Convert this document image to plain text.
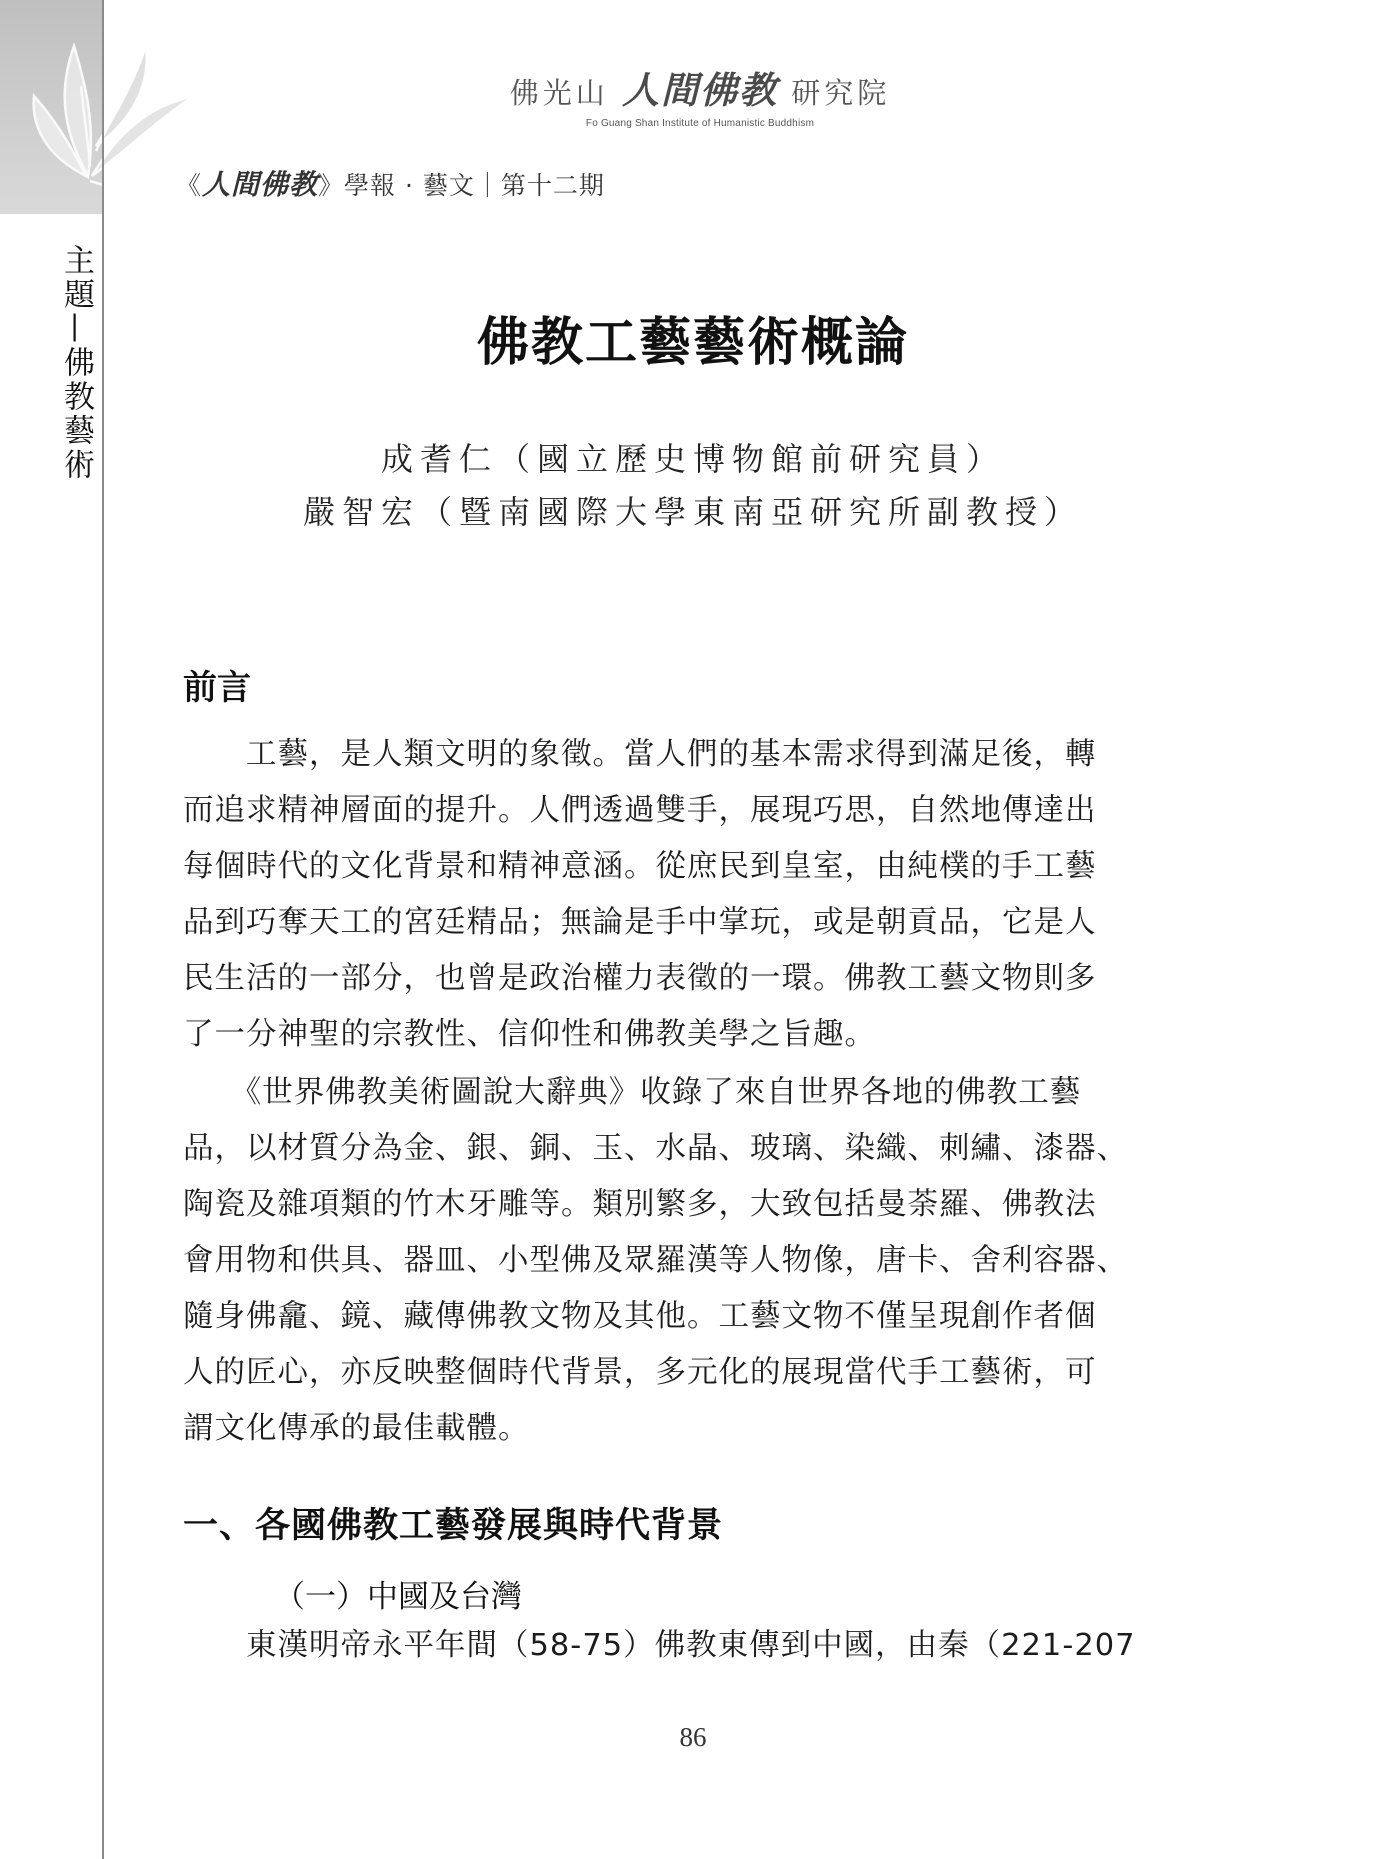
主題—佛教藝術
佛光山 人間佛教 研究院
Fo Guang Shan Institute of Humanistic Buddhism
《人間佛教》學報 · 藝文｜第十二期
佛教工藝藝術概論
成耆仁（國立歷史博物館前研究員）
嚴智宏（暨南國際大學東南亞研究所副教授）
前言
　　工藝，是人類文明的象徵。當人們的基本需求得到滿足後，轉
而追求精神層面的提升。人們透過雙手，展現巧思，自然地傳達出
每個時代的文化背景和精神意涵。從庶民到皇室，由純樸的手工藝
品到巧奪天工的宮廷精品；無論是手中掌玩，或是朝貢品，它是人
民生活的一部分，也曾是政治權力表徵的一環。佛教工藝文物則多
了一分神聖的宗教性、信仰性和佛教美學之旨趣。
　　《世界佛教美術圖說大辭典》收錄了來自世界各地的佛教工藝
品，以材質分為金、銀、銅、玉、水晶、玻璃、染織、刺繡、漆器、
陶瓷及雜項類的竹木牙雕等。類別繁多，大致包括曼荼羅、佛教法
會用物和供具、器皿、小型佛及眾羅漢等人物像，唐卡、舍利容器、
隨身佛龕、鏡、藏傳佛教文物及其他。工藝文物不僅呈現創作者個
人的匠心，亦反映整個時代背景，多元化的展現當代手工藝術，可
謂文化傳承的最佳載體。
一、各國佛教工藝發展與時代背景
（一）中國及台灣
　　東漢明帝永平年間（58-75）佛教東傳到中國，由秦（221-207
86
